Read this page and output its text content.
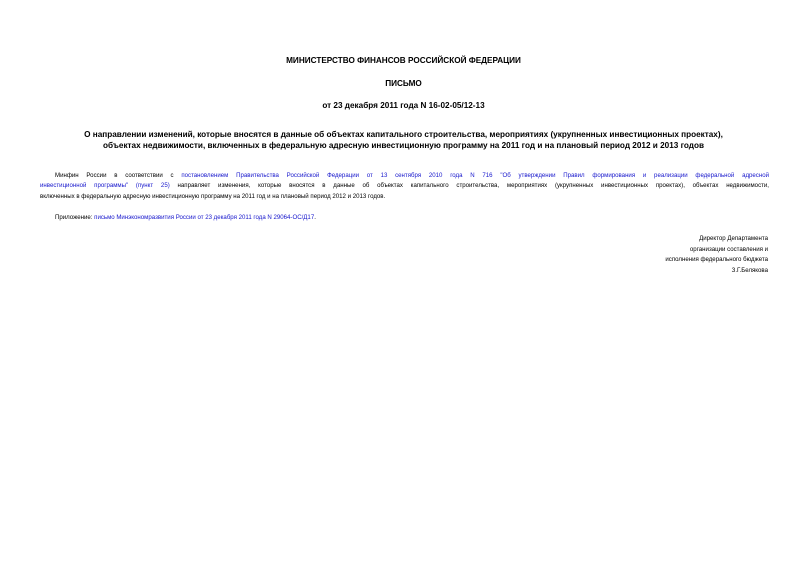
МИНИСТЕРСТВО ФИНАНСОВ РОССИЙСКОЙ ФЕДЕРАЦИИ
ПИСЬМО
от 23 декабря 2011 года N 16-02-05/12-13
О направлении изменений, которые вносятся в данные об объектах капитального строительства, мероприятиях (укрупненных инвестиционных проектах),
объектах недвижимости, включенных в федеральную адресную инвестиционную программу на 2011 год и на плановый период 2012 и 2013 годов
Минфин России в соответствии с постановлением Правительства Российской Федерации от 13 сентября 2010 года N 716 "Об утверждении Правил формирования и реализации федеральной адресной
инвестиционной программы" (пункт 25) направляет изменения, которые вносятся в данные об объектах капитального строительства, мероприятиях (укрупненных инвестиционных проектах), объектах недвижимости,
включенных в федеральную адресную инвестиционную программу на 2011 год и на плановый период 2012 и 2013 годов.
Приложение: письмо Минэкономразвития России от 23 декабря 2011 года N 29064-ОС/Д17.
Директор Департамента
организации составления и
исполнения федерального бюджета
З.Г.Белякова
